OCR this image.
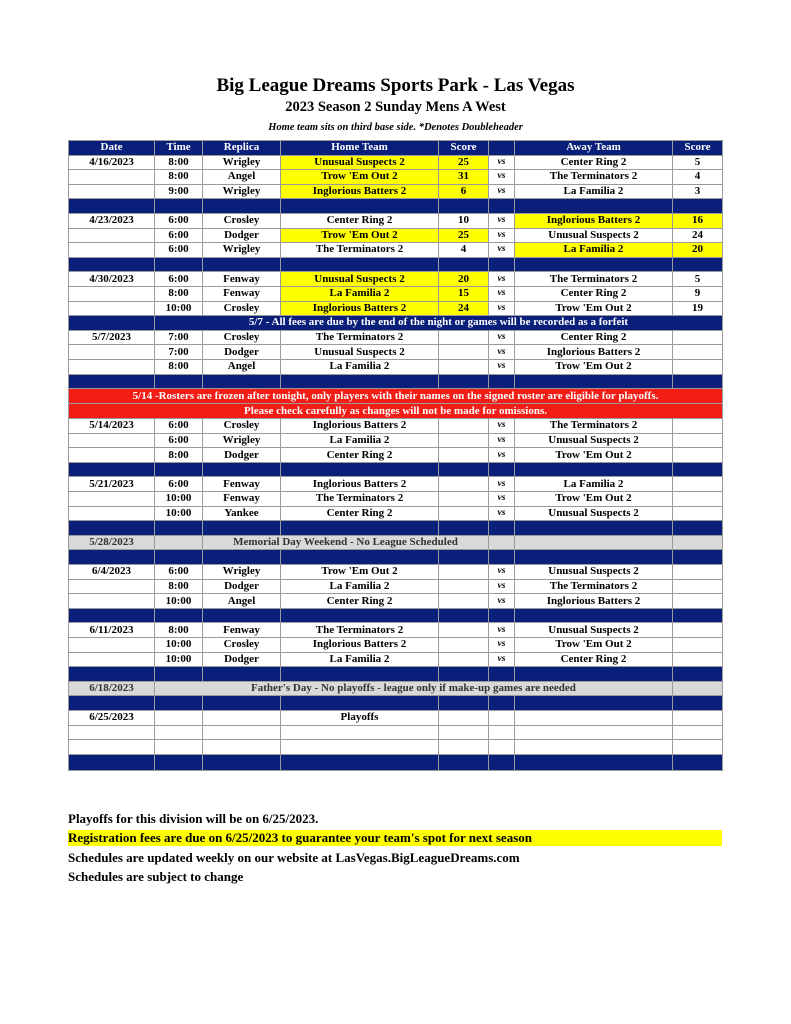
Big League Dreams Sports Park - Las Vegas
2023 Season 2 Sunday Mens A West
Home team sits on third base side. *Denotes Doubleheader
Date	Time	Replica	Home Team	Score		Away Team	Score
4/16/2023	8:00	Wrigley	Unusual Suspects 2	25	vs	Center Ring 2	5
	8:00	Angel	Trow 'Em Out 2	31	vs	The Terminators 2	4
	9:00	Wrigley	Inglorious Batters 2	6	vs	La Familia 2	3

4/23/2023	6:00	Crosley	Center Ring 2	10	vs	Inglorious Batters 2	16
	6:00	Dodger	Trow 'Em Out 2	25	vs	Unusual Suspects 2	24
	6:00	Wrigley	The Terminators 2	4	vs	La Familia 2	20

4/30/2023	6:00	Fenway	Unusual Suspects 2	20	vs	The Terminators 2	5
	8:00	Fenway	La Familia 2	15	vs	Center Ring 2	9
	10:00	Crosley	Inglorious Batters 2	24	vs	Trow 'Em Out 2	19
	5/7 - All fees are due by the end of the night or games will be recorded as a forfeit						
5/7/2023	7:00	Crosley	The Terminators 2		vs	Center Ring 2	
	7:00	Dodger	Unusual Suspects 2		vs	Inglorious Batters 2	
	8:00	Angel	La Familia 2		vs	Trow 'Em Out 2	

5/14 -Rosters are frozen after tonight, only players with their names on the signed roster are eligible for playoffs.							
Please check carefully as changes will not be made for omissions.							
5/14/2023	6:00	Crosley	Inglorious Batters 2		vs	The Terminators 2	
	6:00	Wrigley	La Familia 2		vs	Unusual Suspects 2	
	8:00	Dodger	Center Ring 2		vs	Trow 'Em Out 2	

5/21/2023	6:00	Fenway	Inglorious Batters 2		vs	La Familia 2	
	10:00	Fenway	The Terminators 2		vs	Trow 'Em Out 2	
	10:00	Yankee	Center Ring 2		vs	Unusual Suspects 2	

5/28/2023		Memorial Day Weekend - No League Scheduled					

6/4/2023	6:00	Wrigley	Trow 'Em Out 2		vs	Unusual Suspects 2	
	8:00	Dodger	La Familia 2		vs	The Terminators 2	
	10:00	Angel	Center Ring 2		vs	Inglorious Batters 2	

6/11/2023	8:00	Fenway	The Terminators 2		vs	Unusual Suspects 2	
	10:00	Crosley	Inglorious Batters 2		vs	Trow 'Em Out 2	
	10:00	Dodger	La Familia 2		vs	Center Ring 2	

6/18/2023	Father's Day - No playoffs - league only if make-up games are needed						

6/25/2023			Playoffs				

Playoffs for this division will be on 6/25/2023.
Registration fees are due on 6/25/2023 to guarantee your team's spot for next season
Schedules are updated weekly on our website at LasVegas.BigLeagueDreams.com
Schedules are subject to change
